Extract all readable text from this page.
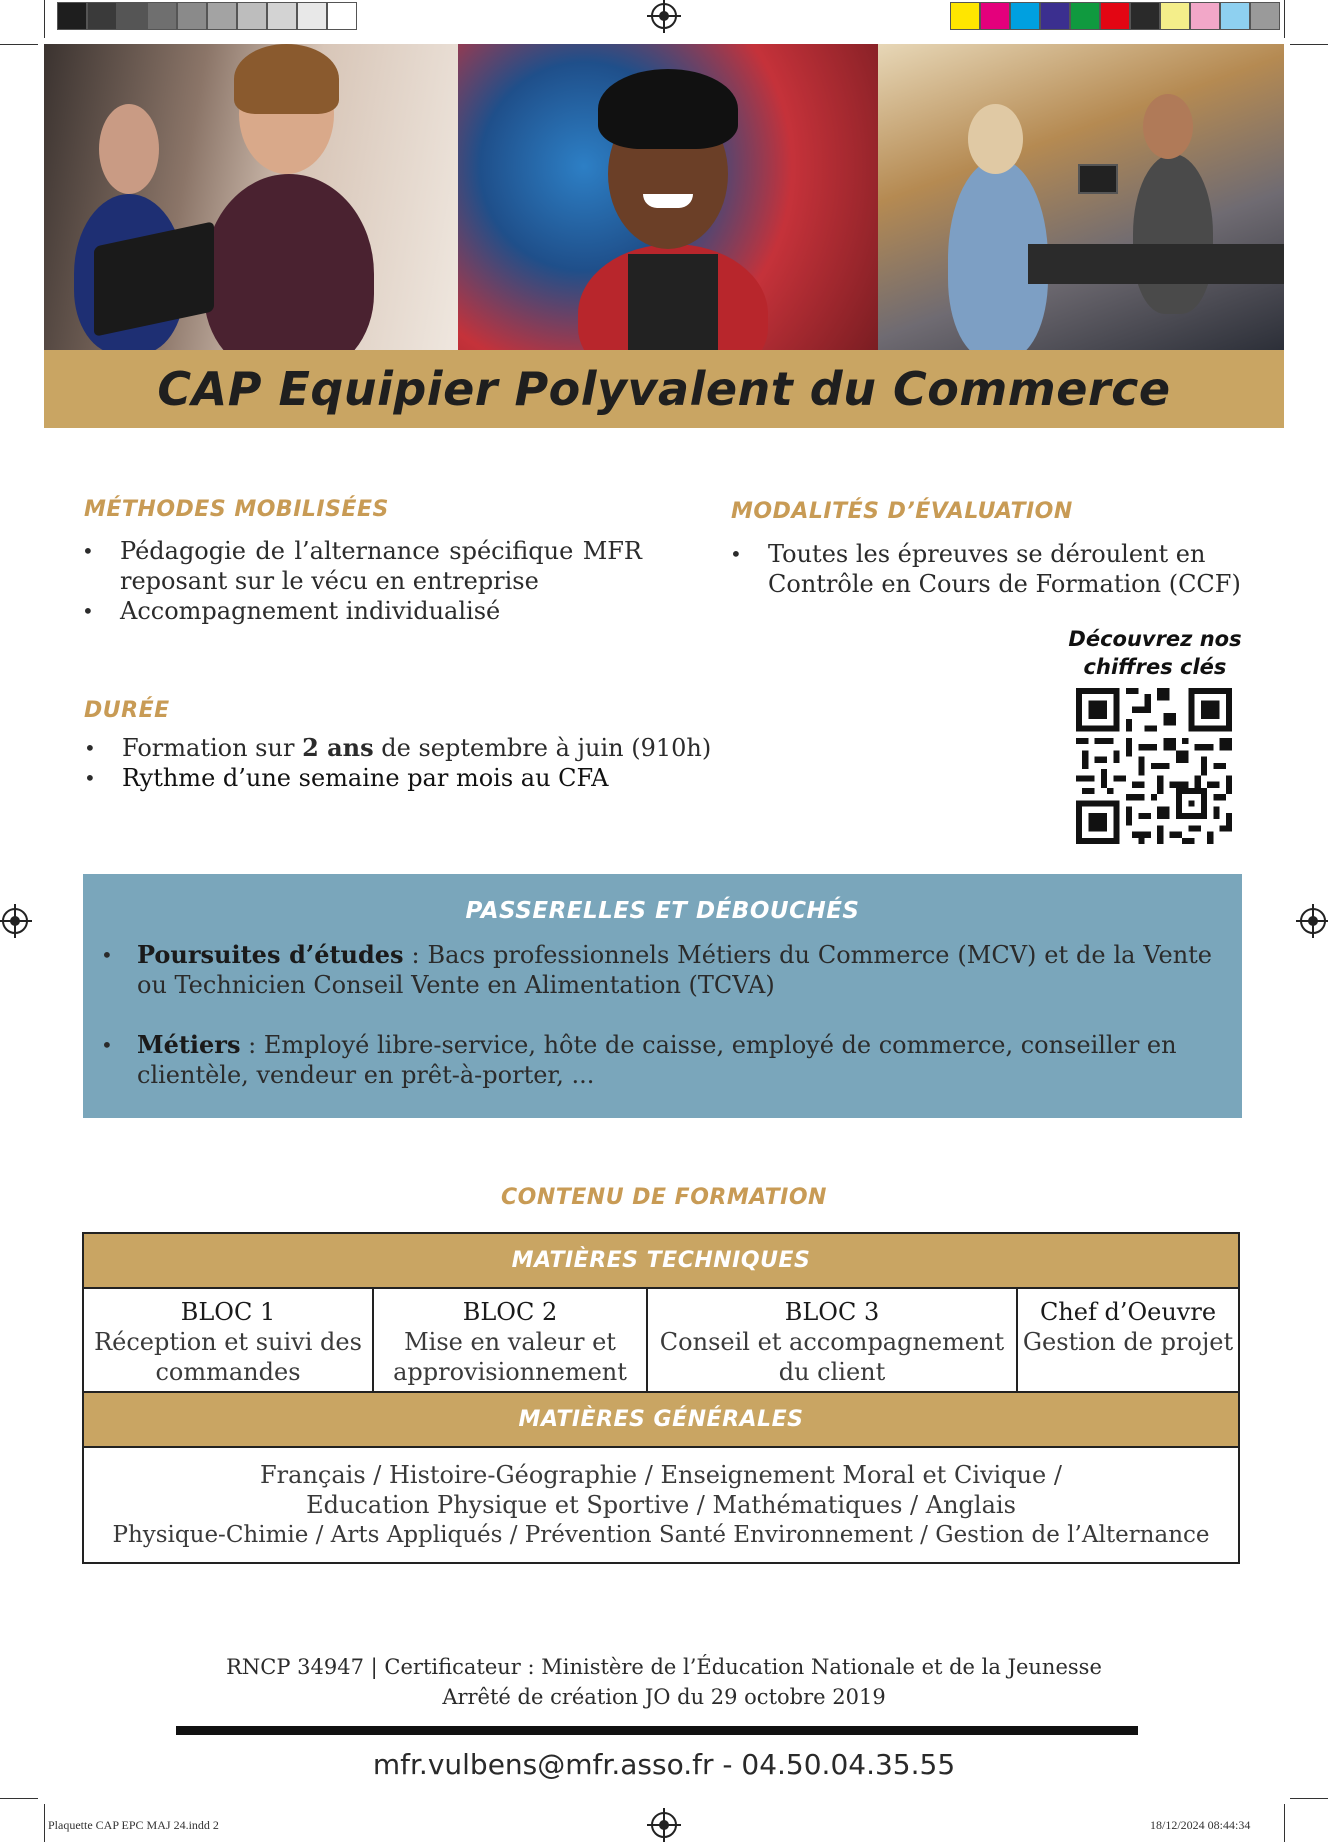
CAP Equipier Polyvalent du Commerce
MÉTHODES MOBILISÉES
• Pédagogie de l’alternance spécifique MFR reposant sur le vécu en entreprise
• Accompagnement individualisé
MODALITÉS D’ÉVALUATION
• Toutes les épreuves se déroulent en Contrôle en Cours de Formation (CCF)
DURÉE
• Formation sur 2 ans de septembre à juin (910h)
• Rythme d’une semaine par mois au CFA
Découvrez nos
chiffres clés
PASSERELLES ET DÉBOUCHÉS
• Poursuites d’études : Bacs professionnels Métiers du Commerce (MCV) et de la Vente ou Technicien Conseil Vente en Alimentation (TCVA)
• Métiers : Employé libre-service, hôte de caisse, employé de commerce, conseiller en clientèle, vendeur en prêt-à-porter, ...
CONTENU DE FORMATION
MATIÈRES TECHNIQUES
BLOC 1
Réception et suivi des commandes
BLOC 2
Mise en valeur et approvisionnement
BLOC 3
Conseil et accompagnement du client
Chef d’Oeuvre
Gestion de projet
MATIÈRES GÉNÉRALES
Français / Histoire-Géographie / Enseignement Moral et Civique /
Education Physique et Sportive / Mathématiques / Anglais
Physique-Chimie / Arts Appliqués / Prévention Santé Environnement / Gestion de l’Alternance
RNCP 34947 | Certificateur : Ministère de l’Éducation Nationale et de la Jeunesse
Arrêté de création JO du 29 octobre 2019
mfr.vulbens@mfr.asso.fr - 04.50.04.35.55
Plaquette CAP EPC MAJ 24.indd 2	18/12/2024 08:44:34
